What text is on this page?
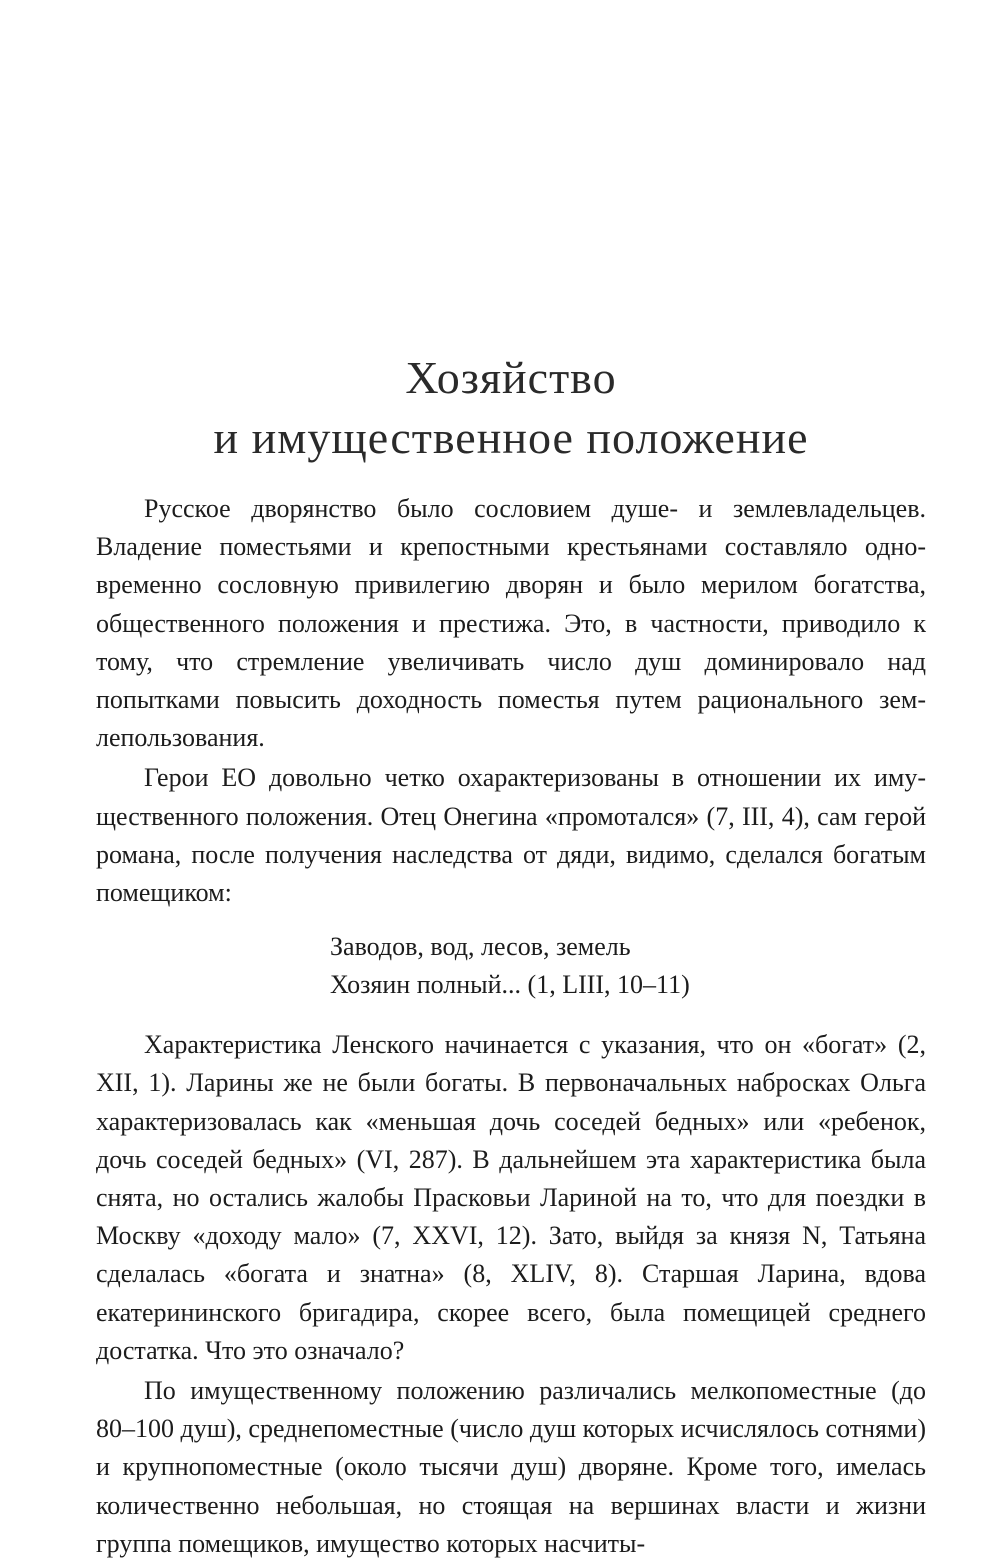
Хозяйство
и имущественное положение

Русское дворянство было сословием душе- и землевладельцев. Владение поместьями и крепостными крестьянами составляло одновременно сословную привилегию дворян и было мерилом богатства, общественного положения и престижа. Это, в частности, приводило к тому, что стремление увеличивать число душ доминировало над попытками повысить доходность поместья путем рационального землепользования.

Герои ЕО довольно четко охарактеризованы в отношении их имущественного положения. Отец Онегина «промотался» (7, III, 4), сам герой романа, после получения наследства от дяди, видимо, сделался богатым помещиком:

Заводов, вод, лесов, земель
Хозяин полный... (1, LIII, 10–11)

Характеристика Ленского начинается с указания, что он «богат» (2, XII, 1). Ларины же не были богаты. В первоначальных набросках Ольга характеризовалась как «меньшая дочь соседей бедных» или «ребенок, дочь соседей бедных» (VI, 287). В дальнейшем эта характеристика была снята, но остались жалобы Прасковьи Лариной на то, что для поездки в Москву «доходу мало» (7, XXVI, 12). Зато, выйдя за князя N, Татьяна сделалась «богата и знатна» (8, XLIV, 8). Старшая Ларина, вдова екатерининского бригадира, скорее всего, была помещицей среднего достатка. Что это означало?

По имущественному положению различались мелкопоместные (до 80–100 душ), среднепоместные (число душ которых исчислялось сотнями) и крупнопоместные (около тысячи душ) дворяне. Кроме того, имелась количественно небольшая, но стоящая на вершинах власти и жизни группа помещиков, имущество которых насчиты-
